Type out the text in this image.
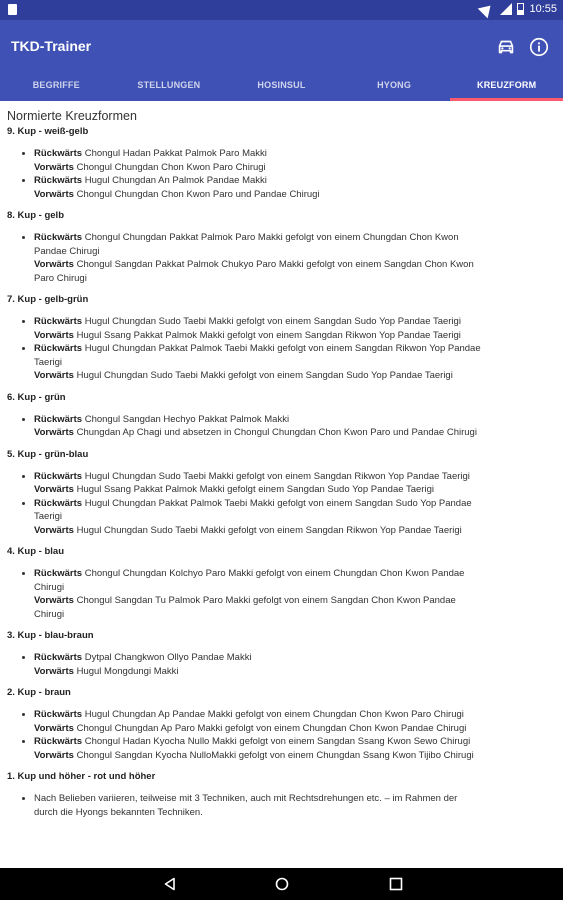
10:55
TKD-Trainer
BEGRIFFE	STELLUNGEN	HOSINSUL	HYONG	KREUZFORM
Normierte Kreuzformen
9. Kup - weiß-gelb
• Rückwärts Chongul Hadan Pakkat Palmok Paro Makki
Vorwärts Chongul Chungdan Chon Kwon Paro Chirugi
• Rückwärts Hugul Chungdan An Palmok Pandae Makki
Vorwärts Chongul Chungdan Chon Kwon Paro und Pandae Chirugi
8. Kup - gelb
• Rückwärts Chongul Chungdan Pakkat Palmok Paro Makki gefolgt von einem Chungdan Chon Kwon
Pandae Chirugi
Vorwärts Chongul Sangdan Pakkat Palmok Chukyo Paro Makki gefolgt von einem Sangdan Chon Kwon
Paro Chirugi
7. Kup - gelb-grün
• Rückwärts Hugul Chungdan Sudo Taebi Makki gefolgt von einem Sangdan Sudo Yop Pandae Taerigi
Vorwärts Hugul Ssang Pakkat Palmok Makki gefolgt von einem Sangdan Rikwon Yop Pandae Taerigi
• Rückwärts Hugul Chungdan Pakkat Palmok Taebi Makki gefolgt von einem Sangdan Rikwon Yop Pandae
Taerigi
Vorwärts Hugul Chungdan Sudo Taebi Makki gefolgt von einem Sangdan Sudo Yop Pandae Taerigi
6. Kup - grün
• Rückwärts Chongul Sangdan Hechyo Pakkat Palmok Makki
Vorwärts Chungdan Ap Chagi und absetzen in Chongul Chungdan Chon Kwon Paro und Pandae Chirugi
5. Kup - grün-blau
• Rückwärts Hugul Chungdan Sudo Taebi Makki gefolgt von einem Sangdan Rikwon Yop Pandae Taerigi
Vorwärts Hugul Ssang Pakkat Palmok Makki gefolgt einem Sangdan Sudo Yop Pandae Taerigi
• Rückwärts Hugul Chungdan Pakkat Palmok Taebi Makki gefolgt von einem Sangdan Sudo Yop Pandae
Taerigi
Vorwärts Hugul Chungdan Sudo Taebi Makki gefolgt von einem Sangdan Rikwon Yop Pandae Taerigi
4. Kup - blau
• Rückwärts Chongul Chungdan Kolchyo Paro Makki gefolgt von einem Chungdan Chon Kwon Pandae
Chirugi
Vorwärts Chongul Sangdan Tu Palmok Paro Makki gefolgt von einem Sangdan Chon Kwon Pandae
Chirugi
3. Kup - blau-braun
• Rückwärts Dytpal Changkwon Ollyo Pandae Makki
Vorwärts Hugul Mongdungi Makki
2. Kup - braun
• Rückwärts Hugul Chungdan Ap Pandae Makki gefolgt von einem Chungdan Chon Kwon Paro Chirugi
Vorwärts Chongul Chungdan Ap Paro Makki gefolgt von einem Chungdan Chon Kwon Pandae Chirugi
• Rückwärts Chongul Hadan Kyocha Nullo Makki gefolgt von einem Sangdan Ssang Kwon Sewo Chirugi
Vorwärts Chongul Sangdan Kyocha NulloMakki gefolgt von einem Chungdan Ssang Kwon Tijibo Chirugi
1. Kup und höher - rot und höher
• Nach Belieben variieren, teilweise mit 3 Techniken, auch mit Rechtsdrehungen etc. – im Rahmen der
durch die Hyongs bekannten Techniken.
